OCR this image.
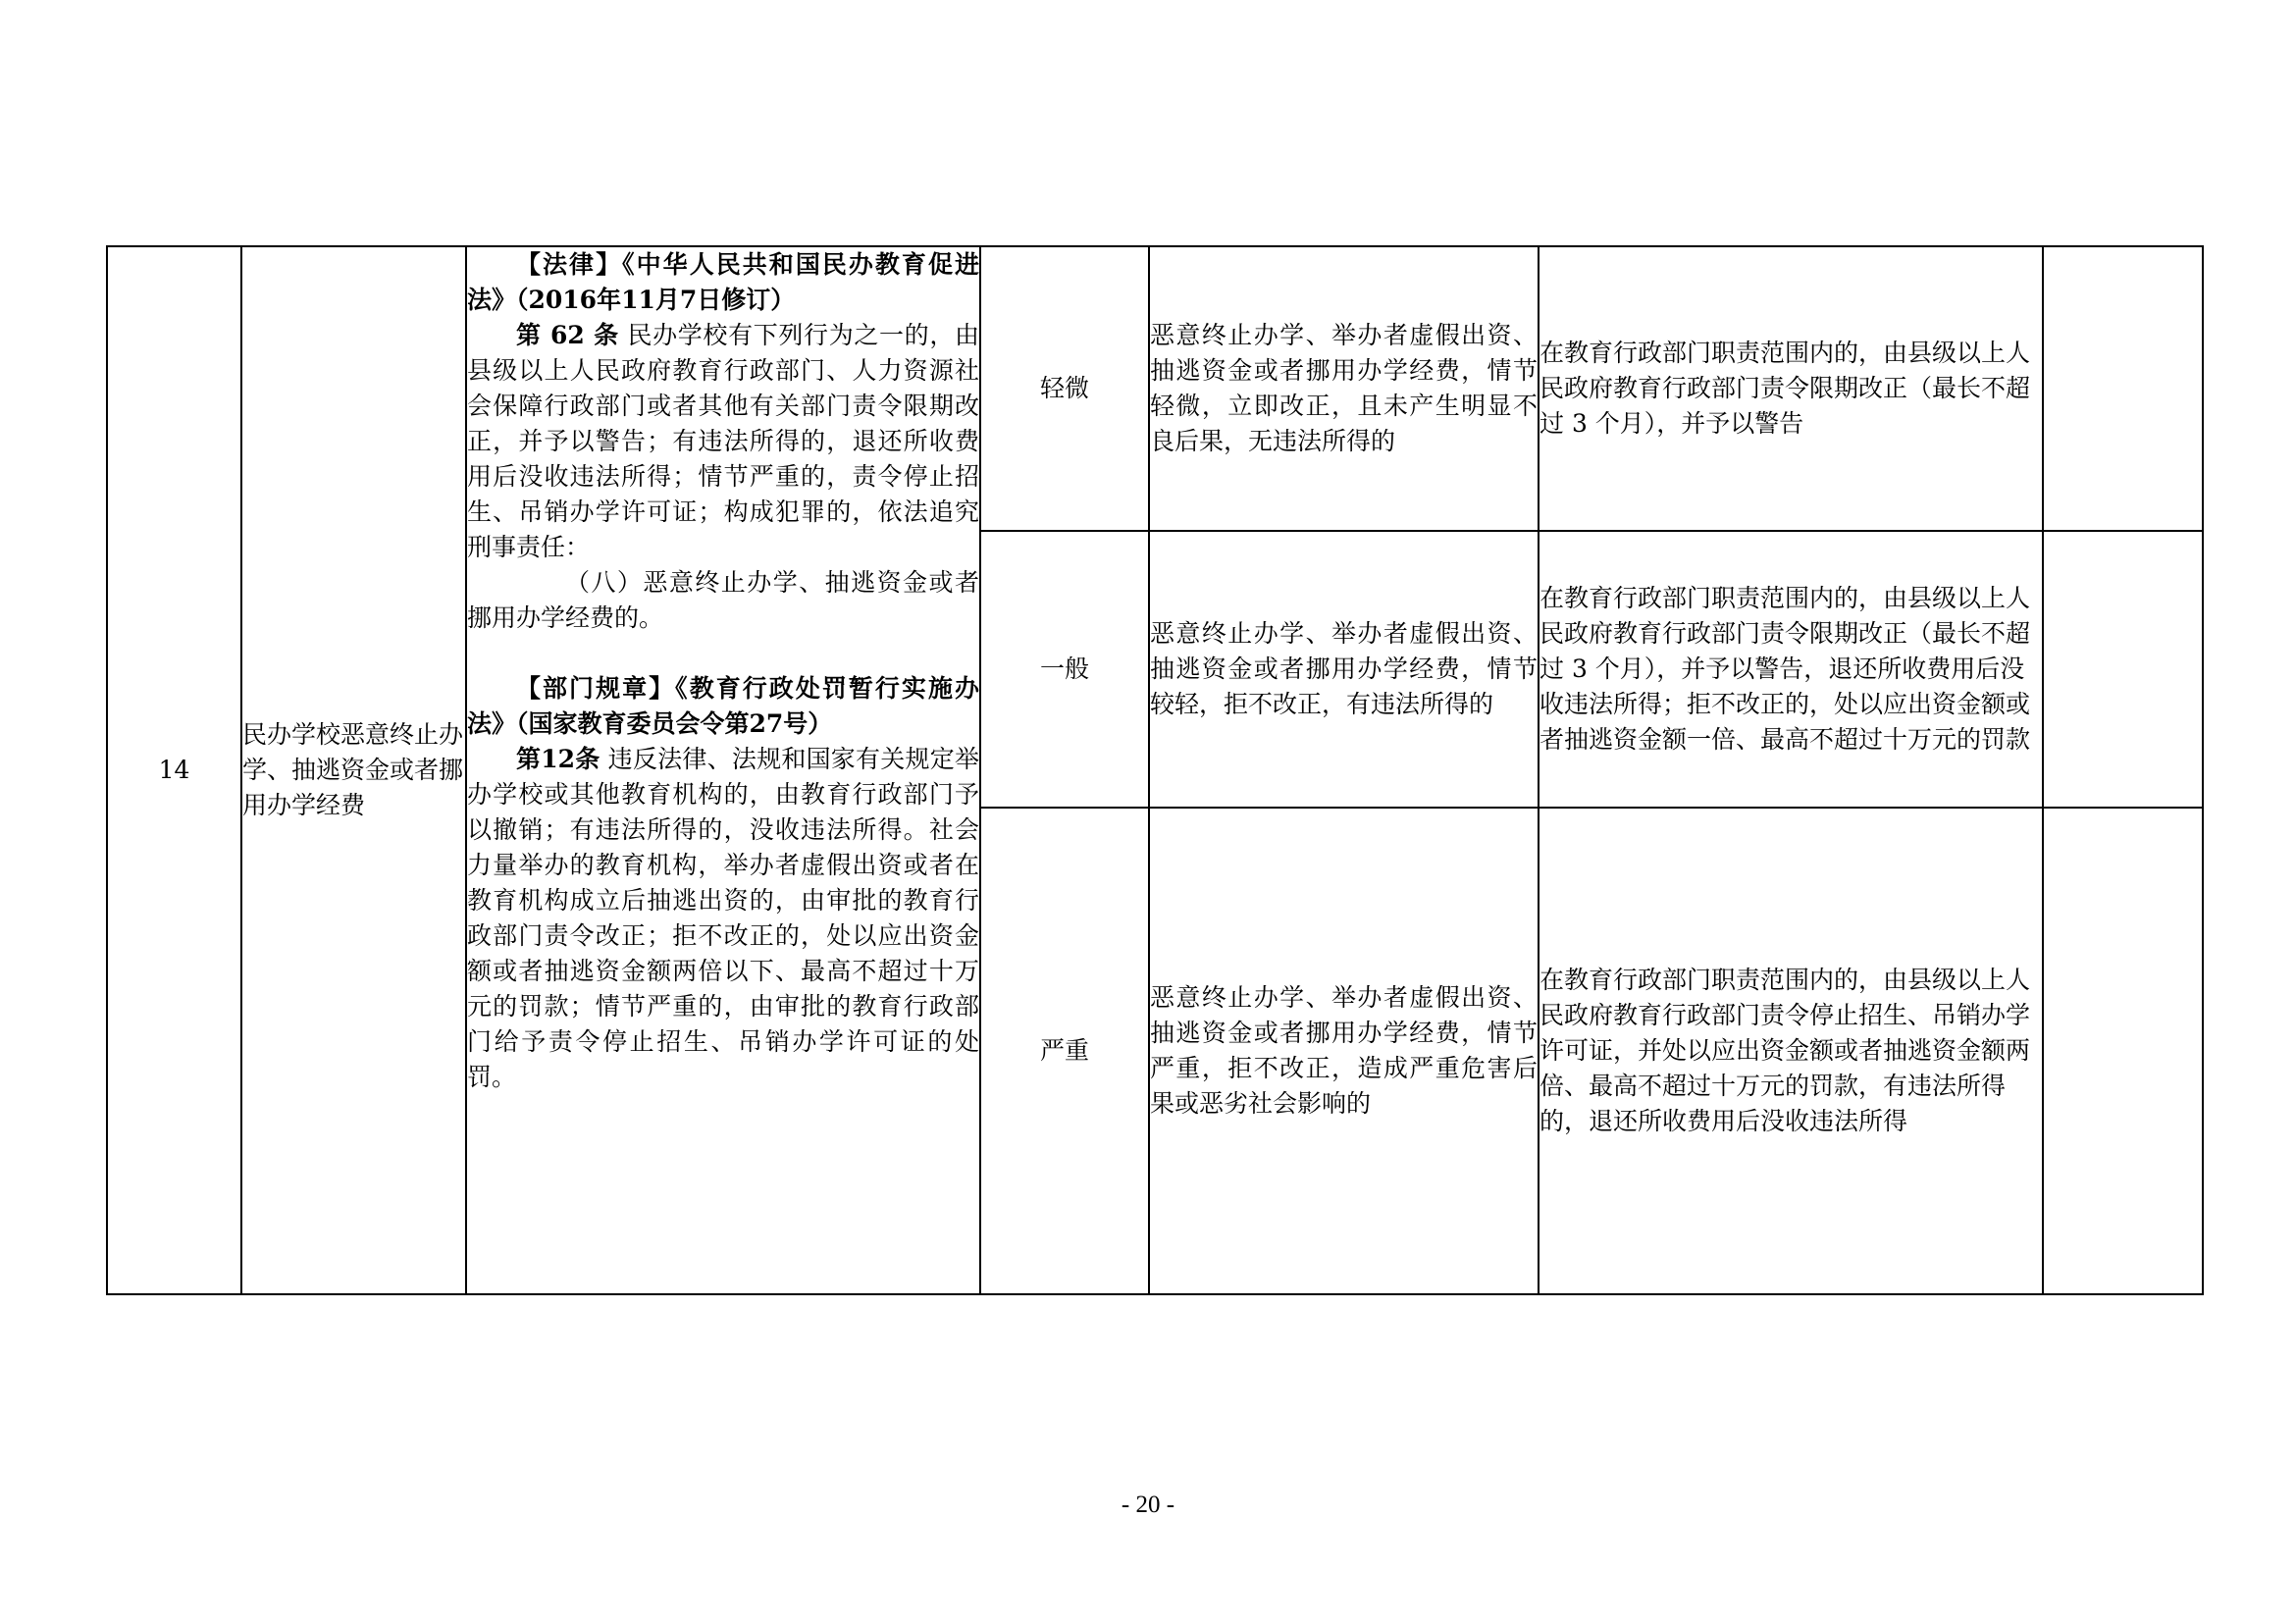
14	民办学校恶意终止办学、抽逃资金或者挪用办学经费	【法律】《中华人民共和国民办教育促进法》（2016年11月7日修订）

第 62 条 民办学校有下列行为之一的，由县级以上人民政府教育行政部门、人力资源社会保障行政部门或者其他有关部门责令限期改正，并予以警告；有违法所得的，退还所收费用后没收违法所得；情节严重的，责令停止招生、吊销办学许可证；构成犯罪的，依法追究刑事责任：

（八）恶意终止办学、抽逃资金或者挪用办学经费的。

【部门规章】《教育行政处罚暂行实施办法》（国家教育委员会令第27号）

第12条 违反法律、法规和国家有关规定举办学校或其他教育机构的，由教育行政部门予以撤销；有违法所得的，没收违法所得。社会力量举办的教育机构，举办者虚假出资或者在教育机构成立后抽逃出资的，由审批的教育行政部门责令改正；拒不改正的，处以应出资金额或者抽逃资金额两倍以下、最高不超过十万元的罚款；情节严重的，由审批的教育行政部门给予责令停止招生、吊销办学许可证的处罚。	轻微	恶意终止办学、举办者虚假出资、抽逃资金或者挪用办学经费，情节轻微，立即改正，且未产生明显不良后果，无违法所得的	在教育行政部门职责范围内的，由县级以上人民政府教育行政部门责令限期改正（最长不超过 3 个月），并予以警告	
			一般	恶意终止办学、举办者虚假出资、抽逃资金或者挪用办学经费，情节较轻，拒不改正，有违法所得的	在教育行政部门职责范围内的，由县级以上人民政府教育行政部门责令限期改正（最长不超过 3 个月），并予以警告，退还所收费用后没收违法所得；拒不改正的，处以应出资金额或者抽逃资金额一倍、最高不超过十万元的罚款	
			严重	恶意终止办学、举办者虚假出资、抽逃资金或者挪用办学经费，情节严重，拒不改正，造成严重危害后果或恶劣社会影响的	在教育行政部门职责范围内的，由县级以上人民政府教育行政部门责令停止招生、吊销办学许可证，并处以应出资金额或者抽逃资金额两倍、最高不超过十万元的罚款，有违法所得的，退还所收费用后没收违法所得	
- 20 -
